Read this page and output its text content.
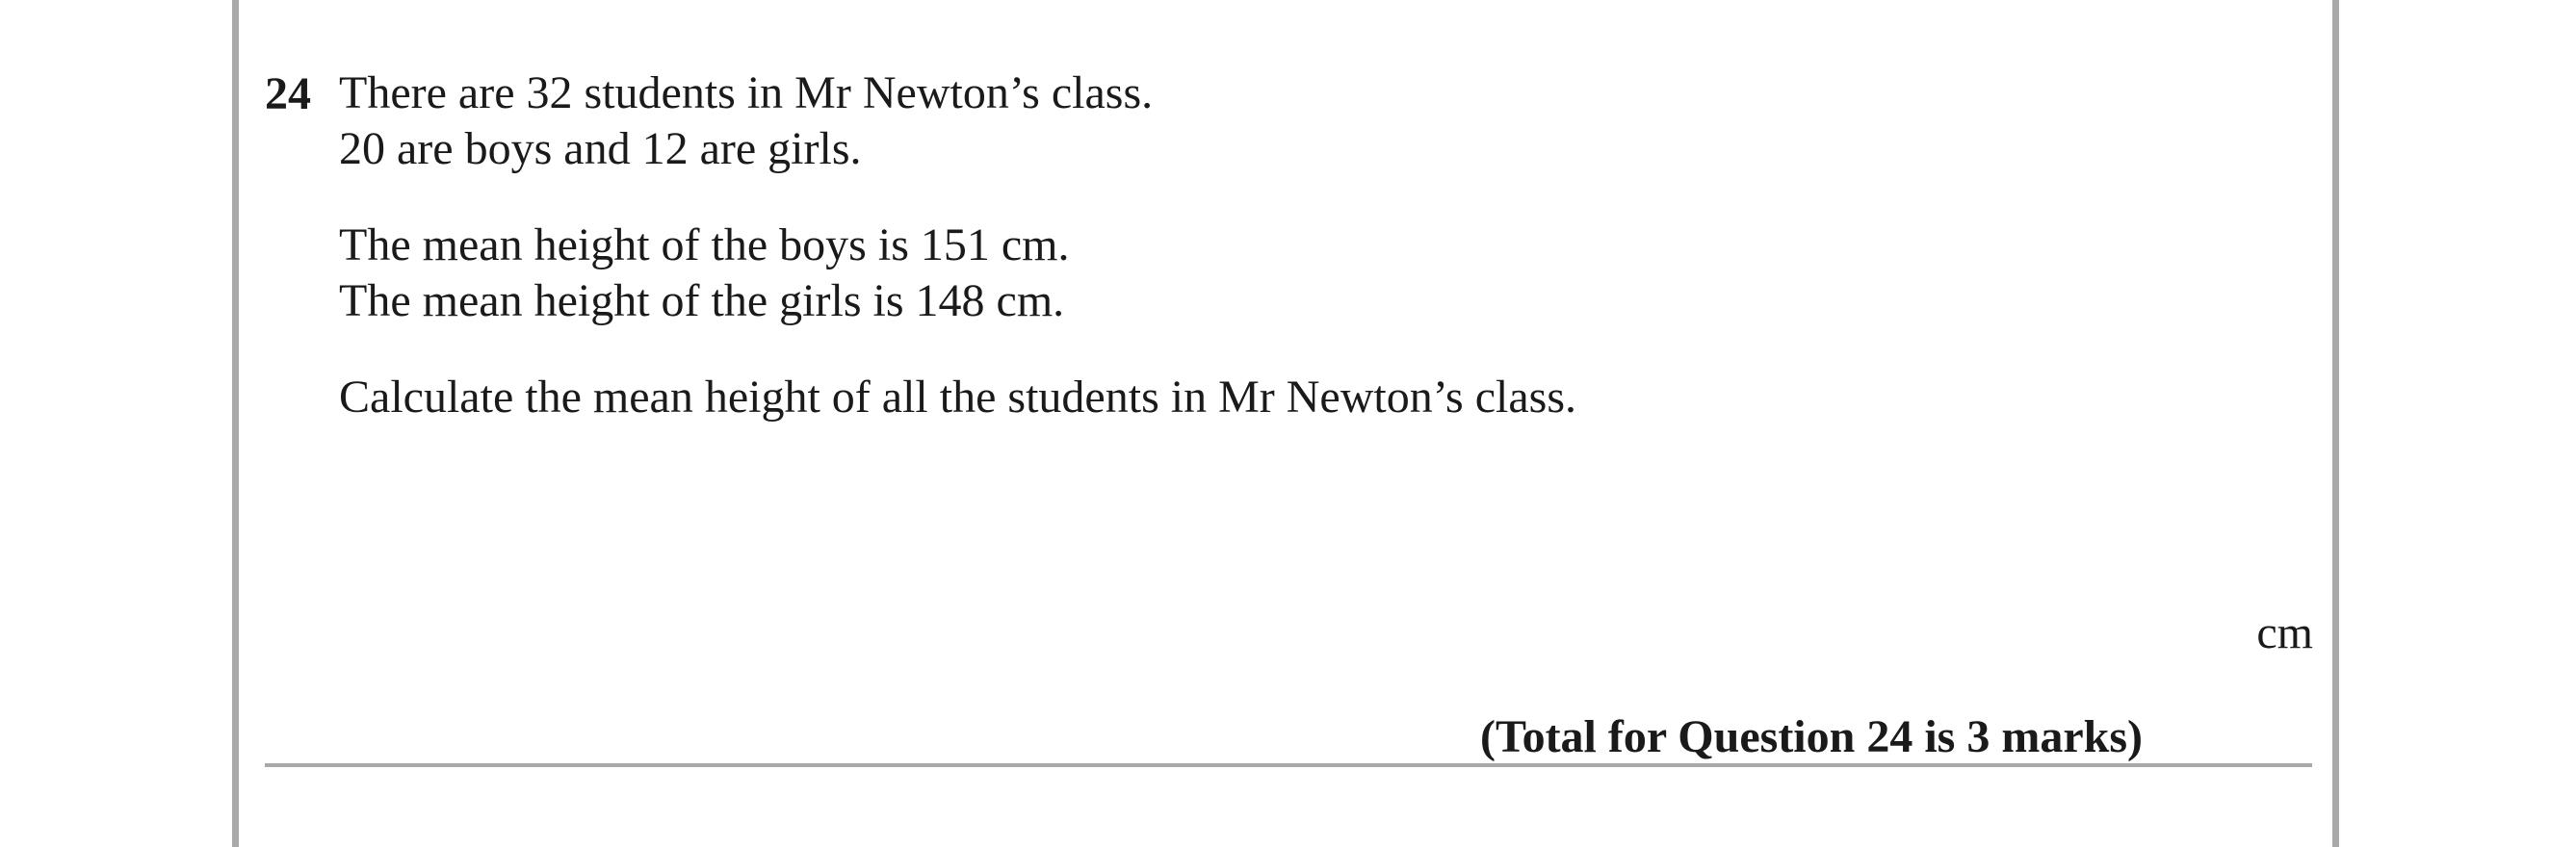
24 There are 32 students in Mr Newton’s class.
20 are boys and 12 are girls.

The mean height of the boys is 151 cm.
The mean height of the girls is 148 cm.

Calculate the mean height of all the students in Mr Newton’s class.

cm
(Total for Question 24 is 3 marks)
